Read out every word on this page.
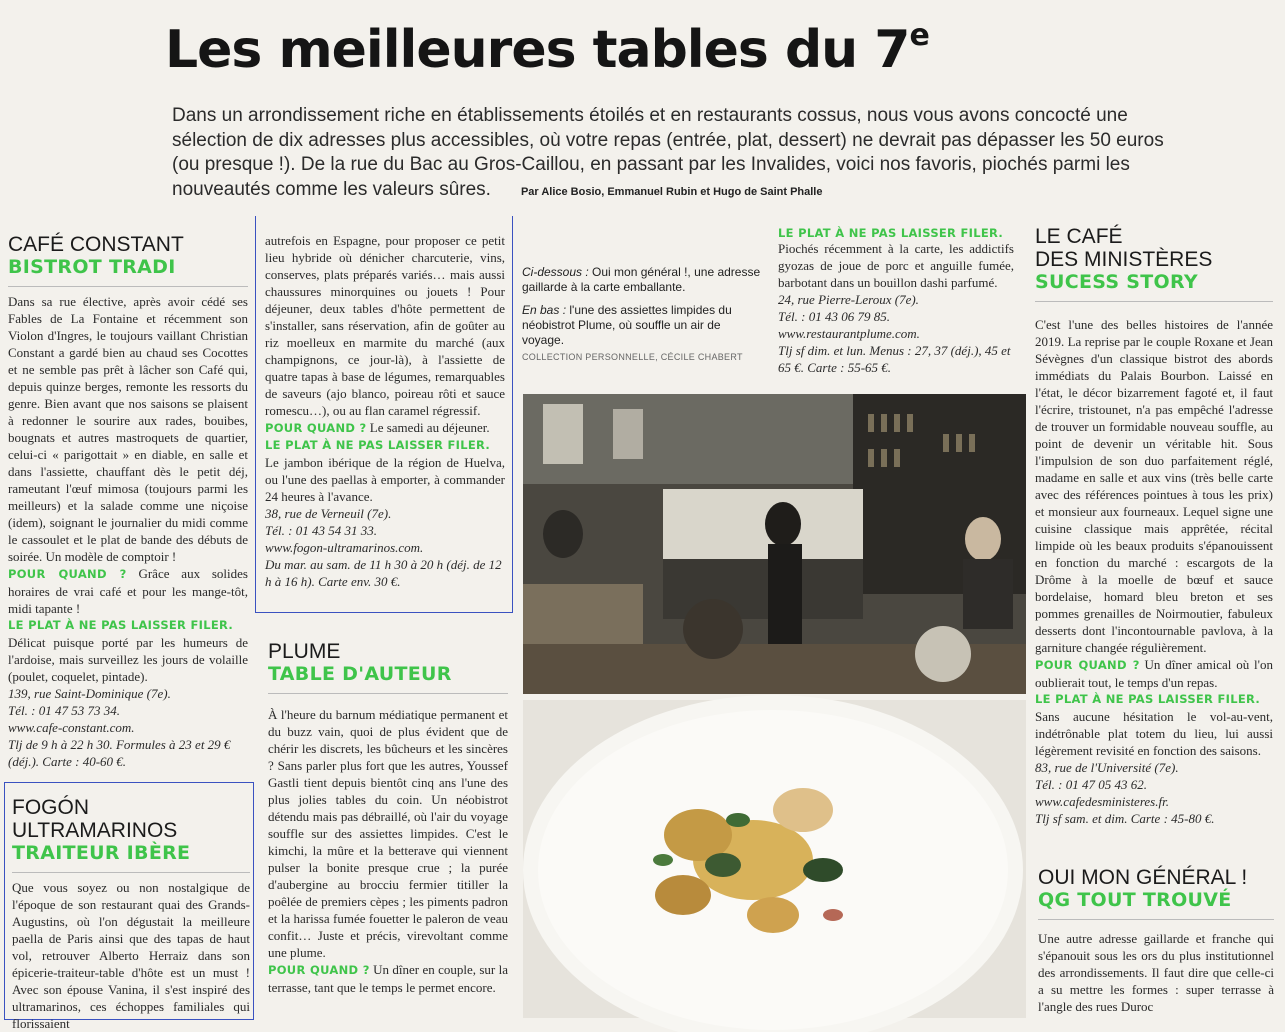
Les meilleures tables du 7e
Dans un arrondissement riche en établissements étoilés et en restaurants cossus, nous vous avons concocté une sélection de dix adresses plus accessibles, où votre repas (entrée, plat, dessert) ne devrait pas dépasser les 50 euros (ou presque !). De la rue du Bac au Gros-Caillou, en passant par les Invalides, voici nos favoris, piochés parmi les nouveautés comme les valeurs sûres.	Par Alice Bosio, Emmanuel Rubin et Hugo de Saint Phalle
CAFÉ CONSTANT
BISTROT TRADI

Dans sa rue élective, après avoir cédé ses Fables de La Fontaine et récemment son Violon d'Ingres, le toujours vaillant Christian Constant a gardé bien au chaud ses Cocottes et ne semble pas prêt à lâcher son Café qui, depuis quinze berges, remonte les ressorts du genre. Bien avant que nos saisons se plaisent à redonner le sourire aux rades, bouibes, bougnats et autres mastroquets de quartier, celui-ci « parigottait » en diable, en salle et dans l'assiette, chauffant dès le petit déj, rameutant l'œuf mimosa (toujours parmi les meilleurs) et la salade comme une niçoise (idem), soignant le journalier du midi comme le cassoulet et le plat de bande des débuts de soirée. Un modèle de comptoir !

POUR QUAND ? Grâce aux solides horaires de vrai café et pour les mange-tôt, midi tapante !

LE PLAT À NE PAS LAISSER FILER.

Délicat puisque porté par les humeurs de l'ardoise, mais surveillez les jours de volaille (poulet, coquelet, pintade).

139, rue Saint-Dominique (7e).
Tél. : 01 47 53 73 34.
www.cafe-constant.com.
Tlj de 9 h à 22 h 30. Formules à 23 et 29 € (déj.). Carte : 40-60 €.
FOGÓN
ULTRAMARINOS
TRAITEUR IBÈRE

Que vous soyez ou non nostalgique de l'époque de son restaurant quai des Grands-Augustins, où l'on dégustait la meilleure paella de Paris ainsi que des tapas de haut vol, retrouver Alberto Herraiz dans son épicerie-traiteur-table d'hôte est un must ! Avec son épouse Vanina, il s'est inspiré des ultramarinos, ces échoppes familiales qui florissaient

autrefois en Espagne, pour proposer ce petit lieu hybride où dénicher charcuterie, vins, conserves, plats préparés variés… mais aussi chaussures minorquines ou jouets ! Pour déjeuner, deux tables d'hôte permettent de s'installer, sans réservation, afin de goûter au riz moelleux en marmite du marché (aux champignons, ce jour-là), à l'assiette de quatre tapas à base de légumes, remarquables de saveurs (ajo blanco, poireau rôti et sauce romescu…), ou au flan caramel régressif.

POUR QUAND ? Le samedi au déjeuner.

LE PLAT À NE PAS LAISSER FILER.

Le jambon ibérique de la région de Huelva, ou l'une des paellas à emporter, à commander 24 heures à l'avance.

38, rue de Verneuil (7e).
Tél. : 01 43 54 31 33.
www.fogon-ultramarinos.com.
Du mar. au sam. de 11 h 30 à 20 h (déj. de 12 h à 16 h). Carte env. 30 €.
PLUME
TABLE D'AUTEUR

À l'heure du barnum médiatique permanent et du buzz vain, quoi de plus évident que de chérir les discrets, les bûcheurs et les sincères ? Sans parler plus fort que les autres, Youssef Gastli tient depuis bientôt cinq ans l'une des plus jolies tables du coin. Un néobistrot détendu mais pas débraillé, où l'air du voyage souffle sur des assiettes limpides. C'est le kimchi, la mûre et la betterave qui viennent pulser la bonite presque crue ; la purée d'aubergine au brocciu fermier titiller la poêlée de premiers cèpes ; les piments padron et la harissa fumée fouetter le paleron de veau confit… Juste et précis, virevoltant comme une plume.

POUR QUAND ? Un dîner en couple, sur la terrasse, tant que le temps le permet encore.

Ci-dessous : Oui mon général !, une adresse gaillarde à la carte emballante.
En bas : l'une des assiettes limpides du néobistrot Plume, où souffle un air de voyage.
COLLECTION PERSONNELLE, CÉCILE CHABERT
LE PLAT À NE PAS LAISSER FILER.

Piochés récemment à la carte, les addictifs gyozas de joue de porc et anguille fumée, barbotant dans un bouillon dashi parfumé.

24, rue Pierre-Leroux (7e).
Tél. : 01 43 06 79 85.
www.restaurantplume.com.
Tlj sf dim. et lun. Menus : 27, 37 (déj.), 45 et 65 €. Carte : 55-65 €.
LE CAFÉ
DES MINISTÈRES
SUCESS STORY

C'est l'une des belles histoires de l'année 2019. La reprise par le couple Roxane et Jean Sévègnes d'un classique bistrot des abords immédiats du Palais Bourbon. Laissé en l'état, le décor bizarrement fagoté et, il faut l'écrire, tristounet, n'a pas empêché l'adresse de trouver un formidable nouveau souffle, au point de devenir un véritable hit. Sous l'impulsion de son duo parfaitement réglé, madame en salle et aux vins (très belle carte avec des références pointues à tous les prix) et monsieur aux fourneaux. Lequel signe une cuisine classique mais apprêtée, récital limpide où les beaux produits s'épanouissent en fonction du marché : escargots de la Drôme à la moelle de bœuf et sauce bordelaise, homard bleu breton et ses pommes grenailles de Noirmoutier, fabuleux desserts dont l'incontournable pavlova, à la garniture changée régulièrement.

POUR QUAND ? Un dîner amical où l'on oublierait tout, le temps d'un repas.

LE PLAT À NE PAS LAISSER FILER.

Sans aucune hésitation le vol-au-vent, indétrônable plat totem du lieu, lui aussi légèrement revisité en fonction des saisons.

83, rue de l'Université (7e).
Tél. : 01 47 05 43 62.
www.cafedesministeres.fr.
Tlj sf sam. et dim. Carte : 45-80 €.
OUI MON GÉNÉRAL !
QG TOUT TROUVÉ

Une autre adresse gaillarde et franche qui s'épanouit sous les ors du plus institutionnel des arrondissements. Il faut dire que celle-ci a su mettre les formes : super terrasse à l'angle des rues Duroc
